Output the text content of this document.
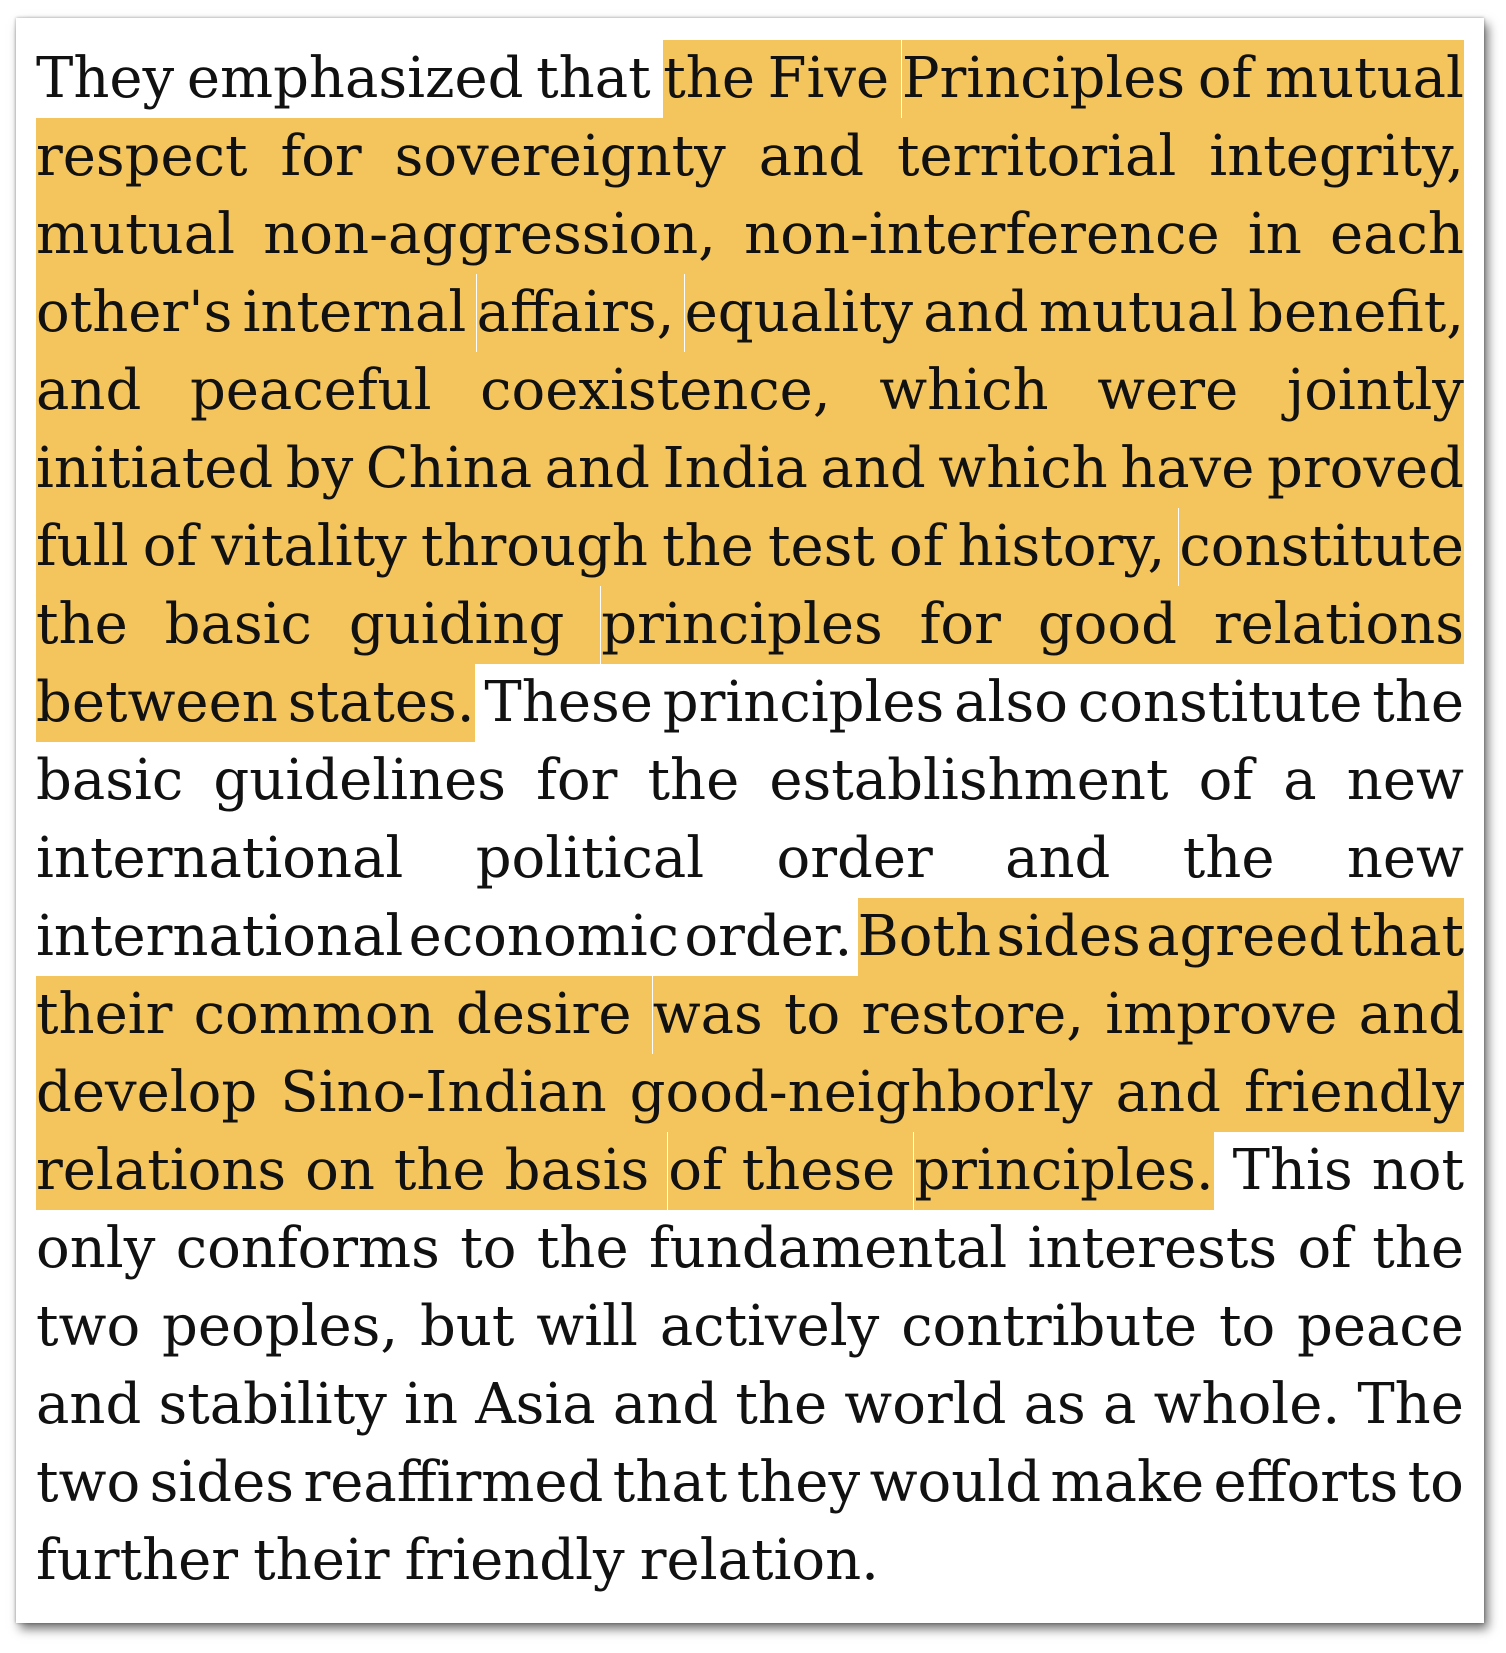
They emphasized that the Five Principles of mutual
respect for sovereignty and territorial integrity,
mutual non-aggression, non-interference in each
other's internal affairs, equality and mutual benefit,
and peaceful coexistence, which were jointly
initiated by China and India and which have proved
full of vitality through the test of history, constitute
the basic guiding principles for good relations
between states. These principles also constitute the
basic guidelines for the establishment of a new
international political order and the new
international economic order. Both sides agreed that
their common desire was to restore, improve and
develop Sino-Indian good-neighborly and friendly
relations on the basis of these principles. This not
only conforms to the fundamental interests of the
two peoples, but will actively contribute to peace
and stability in Asia and the world as a whole. The
two sides reaffirmed that they would make efforts to
further their friendly relation.
